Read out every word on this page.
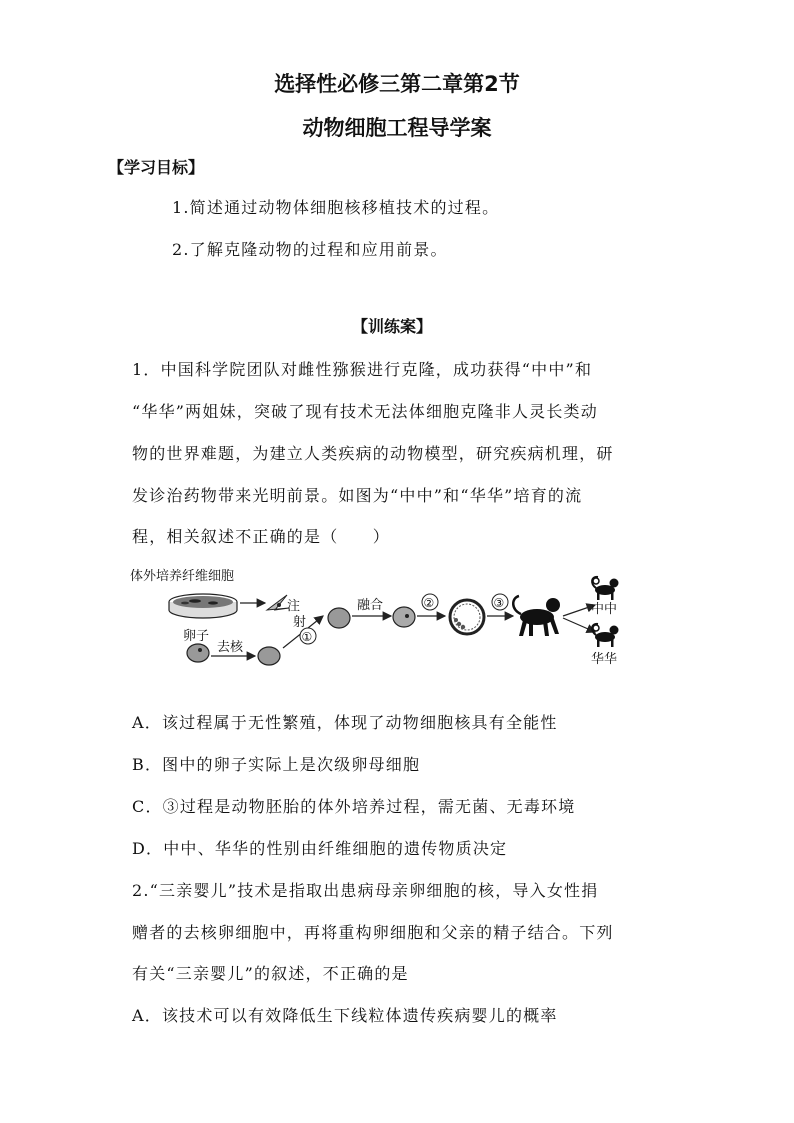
选择性必修三第二章第2节
动物细胞工程导学案
【学习目标】
1.简述通过动物体细胞核移植技术的过程。
2.了解克隆动物的过程和应用前景。
【训练案】
1．中国科学院团队对雌性猕猴进行克隆，成功获得“中中”和
“华华”两姐妹，突破了现有技术无法体细胞克隆非人灵长类动
物的世界难题，为建立人类疾病的动物模型，研究疾病机理，研
发诊治药物带来光明前景。如图为“中中”和“华华”培育的流
程，相关叙述不正确的是（　　）
体外培养纤维细胞
注
射
①
融合	②	③	中中
华华
卵子
去核
A．该过程属于无性繁殖，体现了动物细胞核具有全能性
B．图中的卵子实际上是次级卵母细胞
C．③过程是动物胚胎的体外培养过程，需无菌、无毒环境
D．中中、华华的性别由纤维细胞的遗传物质决定
2.“三亲婴儿”技术是指取出患病母亲卵细胞的核，导入女性捐
赠者的去核卵细胞中，再将重构卵细胞和父亲的精子结合。下列
有关“三亲婴儿”的叙述，不正确的是
A．该技术可以有效降低生下线粒体遗传疾病婴儿的概率
